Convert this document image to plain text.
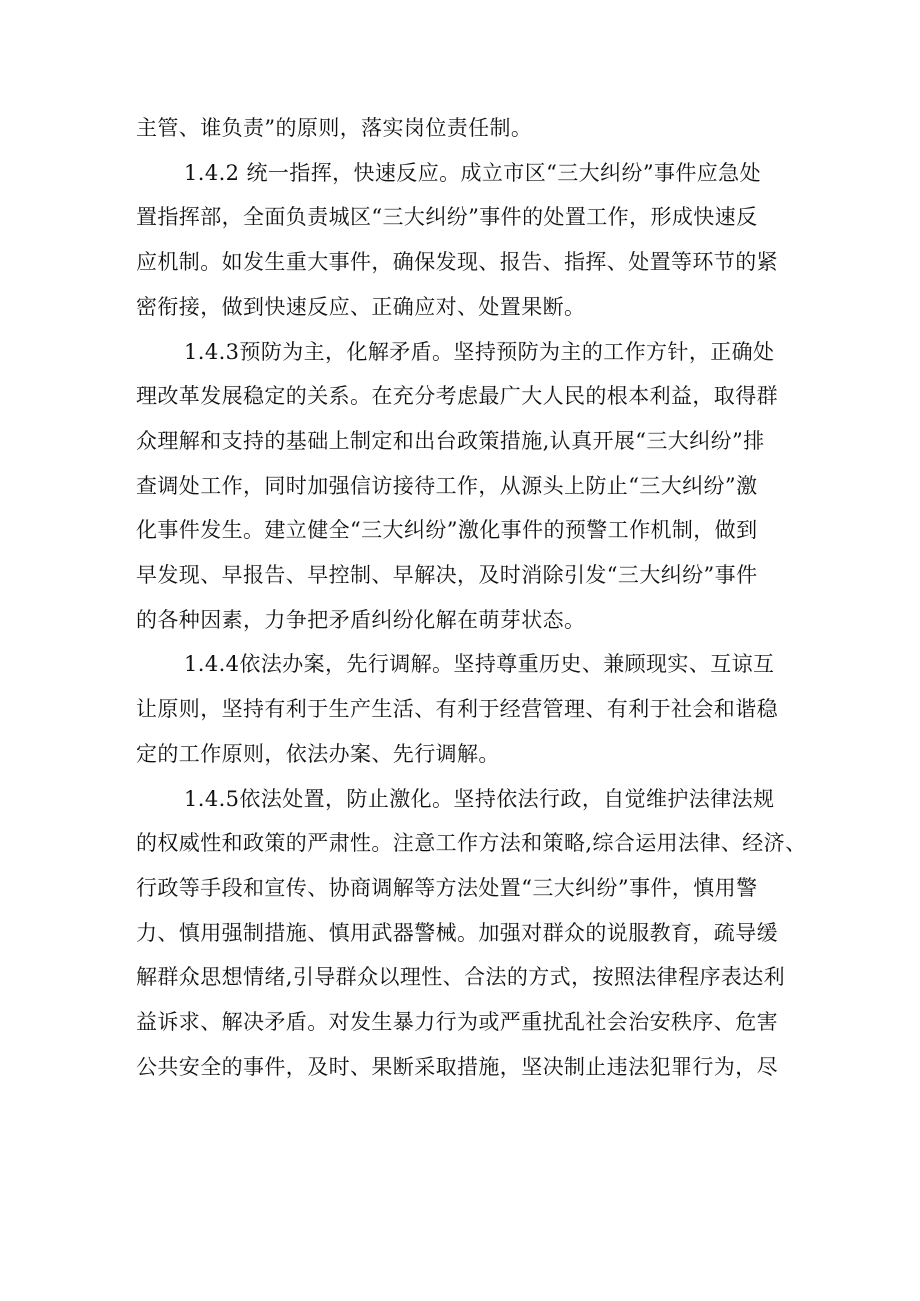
主管、谁负责”的原则，落实岗位责任制。

1.4.2 统一指挥，快速反应。成立市区“三大纠纷”事件应急处
置指挥部，全面负责城区“三大纠纷”事件的处置工作，形成快速反
应机制。如发生重大事件，确保发现、报告、指挥、处置等环节的紧
密衔接，做到快速反应、正确应对、处置果断。

1.4.3预防为主，化解矛盾。坚持预防为主的工作方针，正确处
理改革发展稳定的关系。在充分考虑最广大人民的根本利益，取得群
众理解和支持的基础上制定和出台政策措施,认真开展“三大纠纷”排
查调处工作，同时加强信访接待工作，从源头上防止“三大纠纷”激
化事件发生。建立健全“三大纠纷”激化事件的预警工作机制，做到
早发现、早报告、早控制、早解决，及时消除引发“三大纠纷”事件
的各种因素，力争把矛盾纠纷化解在萌芽状态。

1.4.4依法办案，先行调解。坚持尊重历史、兼顾现实、互谅互
让原则，坚持有利于生产生活、有利于经营管理、有利于社会和谐稳
定的工作原则，依法办案、先行调解。

1.4.5依法处置，防止激化。坚持依法行政，自觉维护法律法规
的权威性和政策的严肃性。注意工作方法和策略,综合运用法律、经济、
行政等手段和宣传、协商调解等方法处置“三大纠纷”事件，慎用警
力、慎用强制措施、慎用武器警械。加强对群众的说服教育，疏导缓
解群众思想情绪,引导群众以理性、合法的方式，按照法律程序表达利
益诉求、解决矛盾。对发生暴力行为或严重扰乱社会治安秩序、危害
公共安全的事件，及时、果断采取措施，坚决制止违法犯罪行为，尽
